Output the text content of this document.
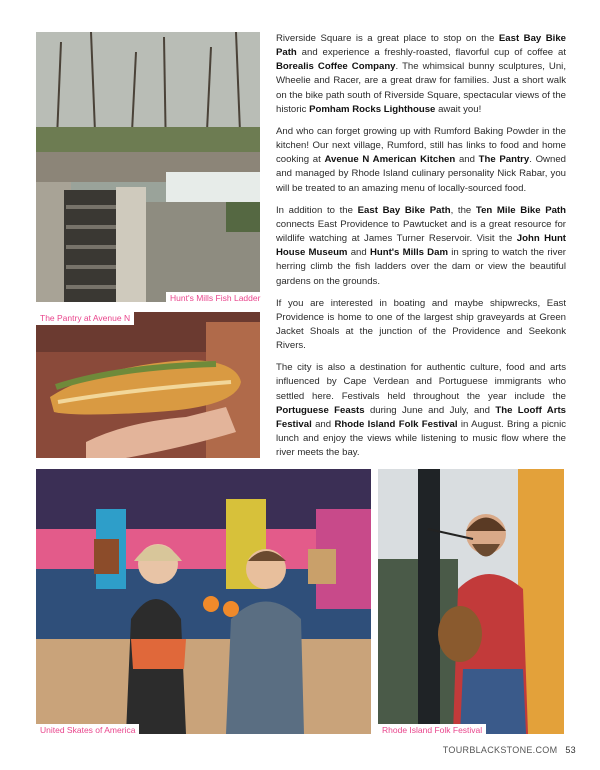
Hunt's Mills Fish Ladder
The Pantry at Avenue N
United Skates of America	Rhode Island Folk Festival

Riverside Square is a great place to stop on the East Bay Bike Path and experience a freshly-roasted, flavorful cup of coffee at Borealis Coffee Company. The whimsical bunny sculptures, Uni, Wheelie and Racer, are a great draw for families. Just a short walk on the bike path south of Riverside Square, spectacular views of the historic Pomham Rocks Lighthouse await you!

And who can forget growing up with Rumford Baking Powder in the kitchen! Our next village, Rumford, still has links to food and home cooking at Avenue N American Kitchen and The Pantry. Owned and managed by Rhode Island culinary personality Nick Rabar, you will be treated to an amazing menu of locally-sourced food.

In addition to the East Bay Bike Path, the Ten Mile Bike Path connects East Providence to Pawtucket and is a great resource for wildlife watching at James Turner Reservoir. Visit the John Hunt House Museum and Hunt's Mills Dam in spring to watch the river herring climb the fish ladders over the dam or view the beautiful gardens on the grounds.

If you are interested in boating and maybe shipwrecks, East Providence is home to one of the largest ship graveyards at Green Jacket Shoals at the junction of the Providence and Seekonk Rivers.

The city is also a destination for authentic culture, food and arts influenced by Cape Verdean and Portuguese immigrants who settled here. Festivals held throughout the year include the Portuguese Feasts during June and July, and The Looff Arts Festival and Rhode Island Folk Festival in August. Bring a picnic lunch and enjoy the views while listening to music flow where the river meets the bay.

TOURBLACKSTONE.COM 53
